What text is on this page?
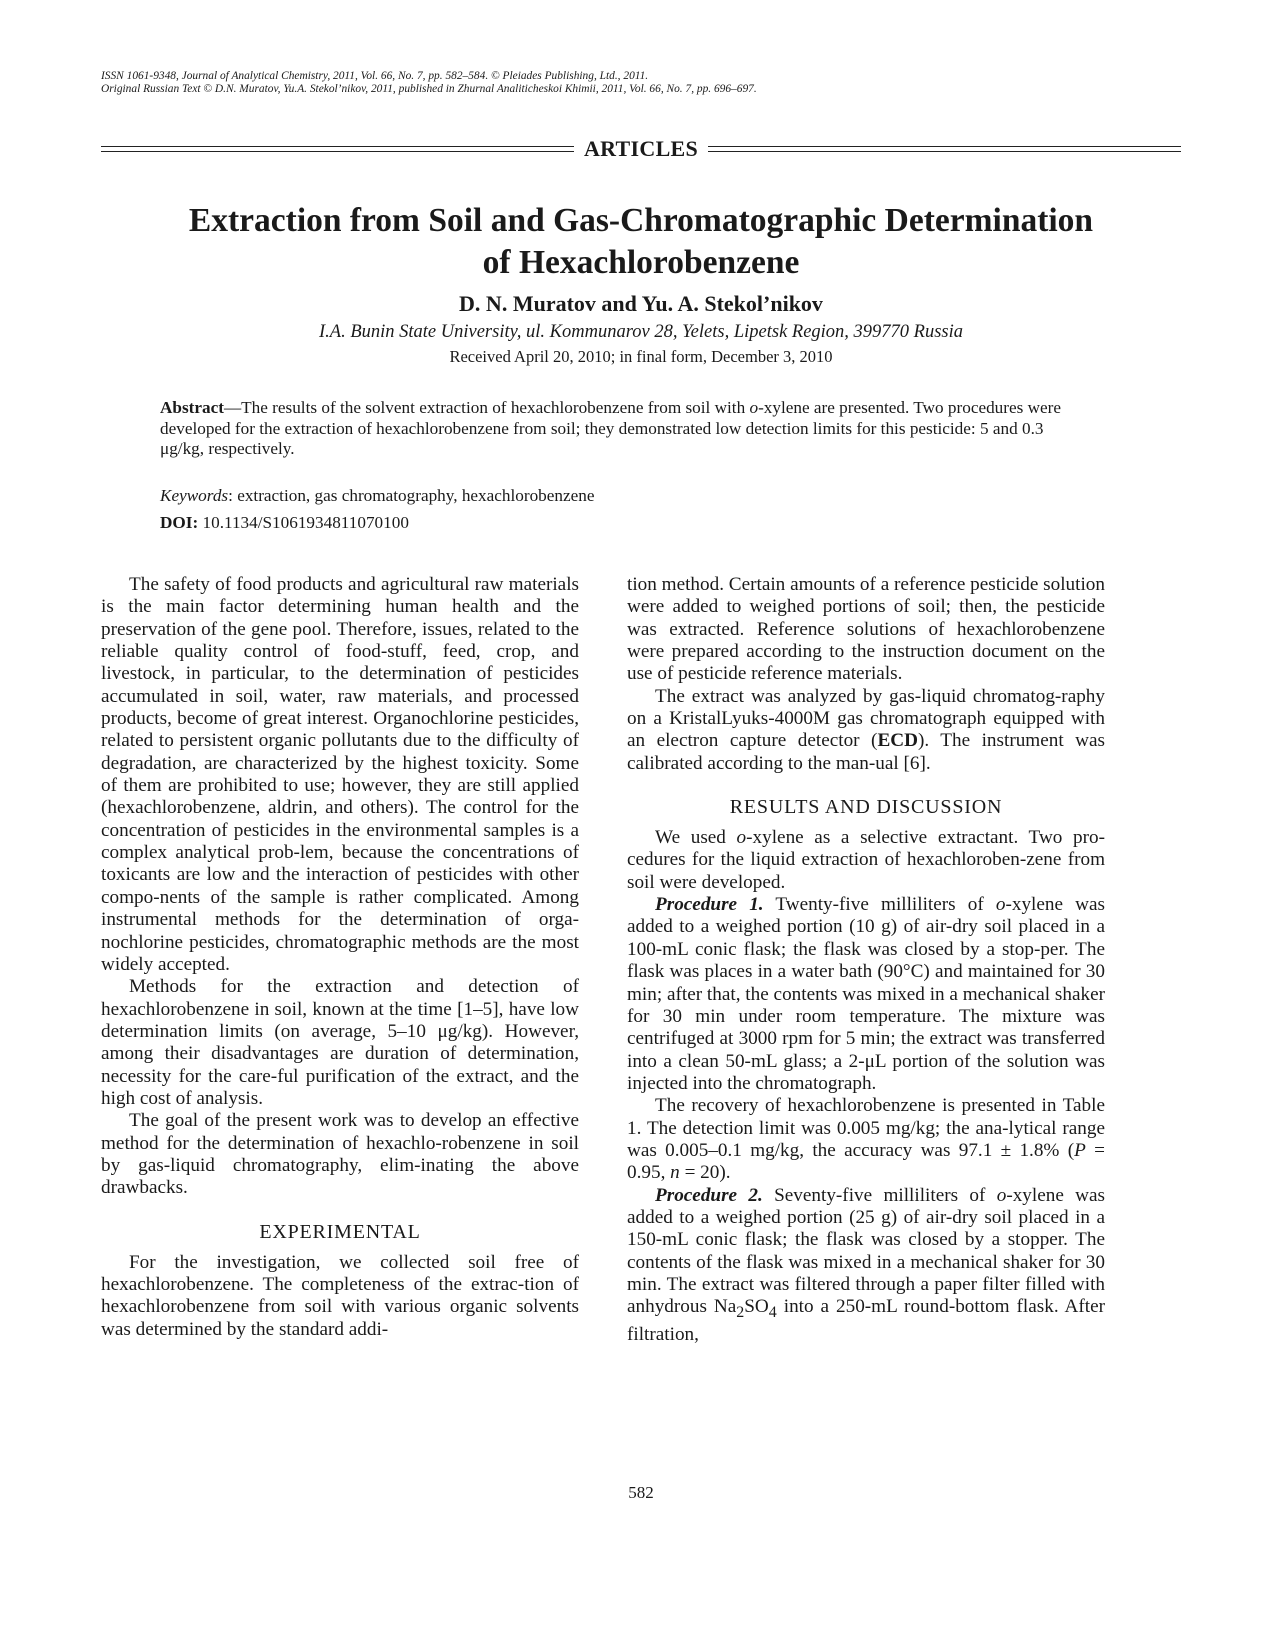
ISSN 1061-9348, Journal of Analytical Chemistry, 2011, Vol. 66, No. 7, pp. 582–584. © Pleiades Publishing, Ltd., 2011.
Original Russian Text © D.N. Muratov, Yu.A. Stekol’nikov, 2011, published in Zhurnal Analiticheskoi Khimii, 2011, Vol. 66, No. 7, pp. 696–697.
ARTICLES
Extraction from Soil and Gas-Chromatographic Determination
of Hexachlorobenzene
D. N. Muratov and Yu. A. Stekol’nikov
I.A. Bunin State University, ul. Kommunarov 28, Yelets, Lipetsk Region, 399770 Russia
Received April 20, 2010; in final form, December 3, 2010
Abstract—The results of the solvent extraction of hexachlorobenzene from soil with o-xylene are presented. Two procedures were developed for the extraction of hexachlorobenzene from soil; they demonstrated low detection limits for this pesticide: 5 and 0.3 μg/kg, respectively.
Keywords: extraction, gas chromatography, hexachlorobenzene
DOI: 10.1134/S1061934811070100

The safety of food products and agricultural raw materials is the main factor determining human health and the preservation of the gene pool. Therefore, issues, related to the reliable quality control of food-stuff, feed, crop, and livestock, in particular, to the determination of pesticides accumulated in soil, water, raw materials, and processed products, become of great interest. Organochlorine pesticides, related to persistent organic pollutants due to the difficulty of degradation, are characterized by the highest toxicity. Some of them are prohibited to use; however, they are still applied (hexachlorobenzene, aldrin, and others). The control for the concentration of pesticides in the environmental samples is a complex analytical prob-lem, because the concentrations of toxicants are low and the interaction of pesticides with other compo-nents of the sample is rather complicated. Among instrumental methods for the determination of orga-nochlorine pesticides, chromatographic methods are the most widely accepted.

Methods for the extraction and detection of hexachlorobenzene in soil, known at the time [1–5], have low determination limits (on average, 5–10 μg/kg). However, among their disadvantages are duration of determination, necessity for the care-ful purification of the extract, and the high cost of analysis.

The goal of the present work was to develop an effective method for the determination of hexachlo-robenzene in soil by gas-liquid chromatography, elim-inating the above drawbacks.

EXPERIMENTAL

For the investigation, we collected soil free of hexachlorobenzene. The completeness of the extrac-tion of hexachlorobenzene from soil with various organic solvents was determined by the standard addi-

tion method. Certain amounts of a reference pesticide solution were added to weighed portions of soil; then, the pesticide was extracted. Reference solutions of hexachlorobenzene were prepared according to the instruction document on the use of pesticide reference materials.

The extract was analyzed by gas-liquid chromatog-raphy on a KristalLyuks-4000M gas chromatograph equipped with an electron capture detector (ECD). The instrument was calibrated according to the man-ual [6].

RESULTS AND DISCUSSION

We used o-xylene as a selective extractant. Two pro-cedures for the liquid extraction of hexachloroben-zene from soil were developed.

Procedure 1. Twenty-five milliliters of o-xylene was added to a weighed portion (10 g) of air-dry soil placed in a 100-mL conic flask; the flask was closed by a stop-per. The flask was places in a water bath (90°C) and maintained for 30 min; after that, the contents was mixed in a mechanical shaker for 30 min under room temperature. The mixture was centrifuged at 3000 rpm for 5 min; the extract was transferred into a clean 50-mL glass; a 2-μL portion of the solution was injected into the chromatograph.

The recovery of hexachlorobenzene is presented in Table 1. The detection limit was 0.005 mg/kg; the ana-lytical range was 0.005–0.1 mg/kg, the accuracy was 97.1 ± 1.8% (P = 0.95, n = 20).

Procedure 2. Seventy-five milliliters of o-xylene was added to a weighed portion (25 g) of air-dry soil placed in a 150-mL conic flask; the flask was closed by a stopper. The contents of the flask was mixed in a mechanical shaker for 30 min. The extract was filtered through a paper filter filled with anhydrous $Na_2SO_4$ into a 250-mL round-bottom flask. After filtration,

582
